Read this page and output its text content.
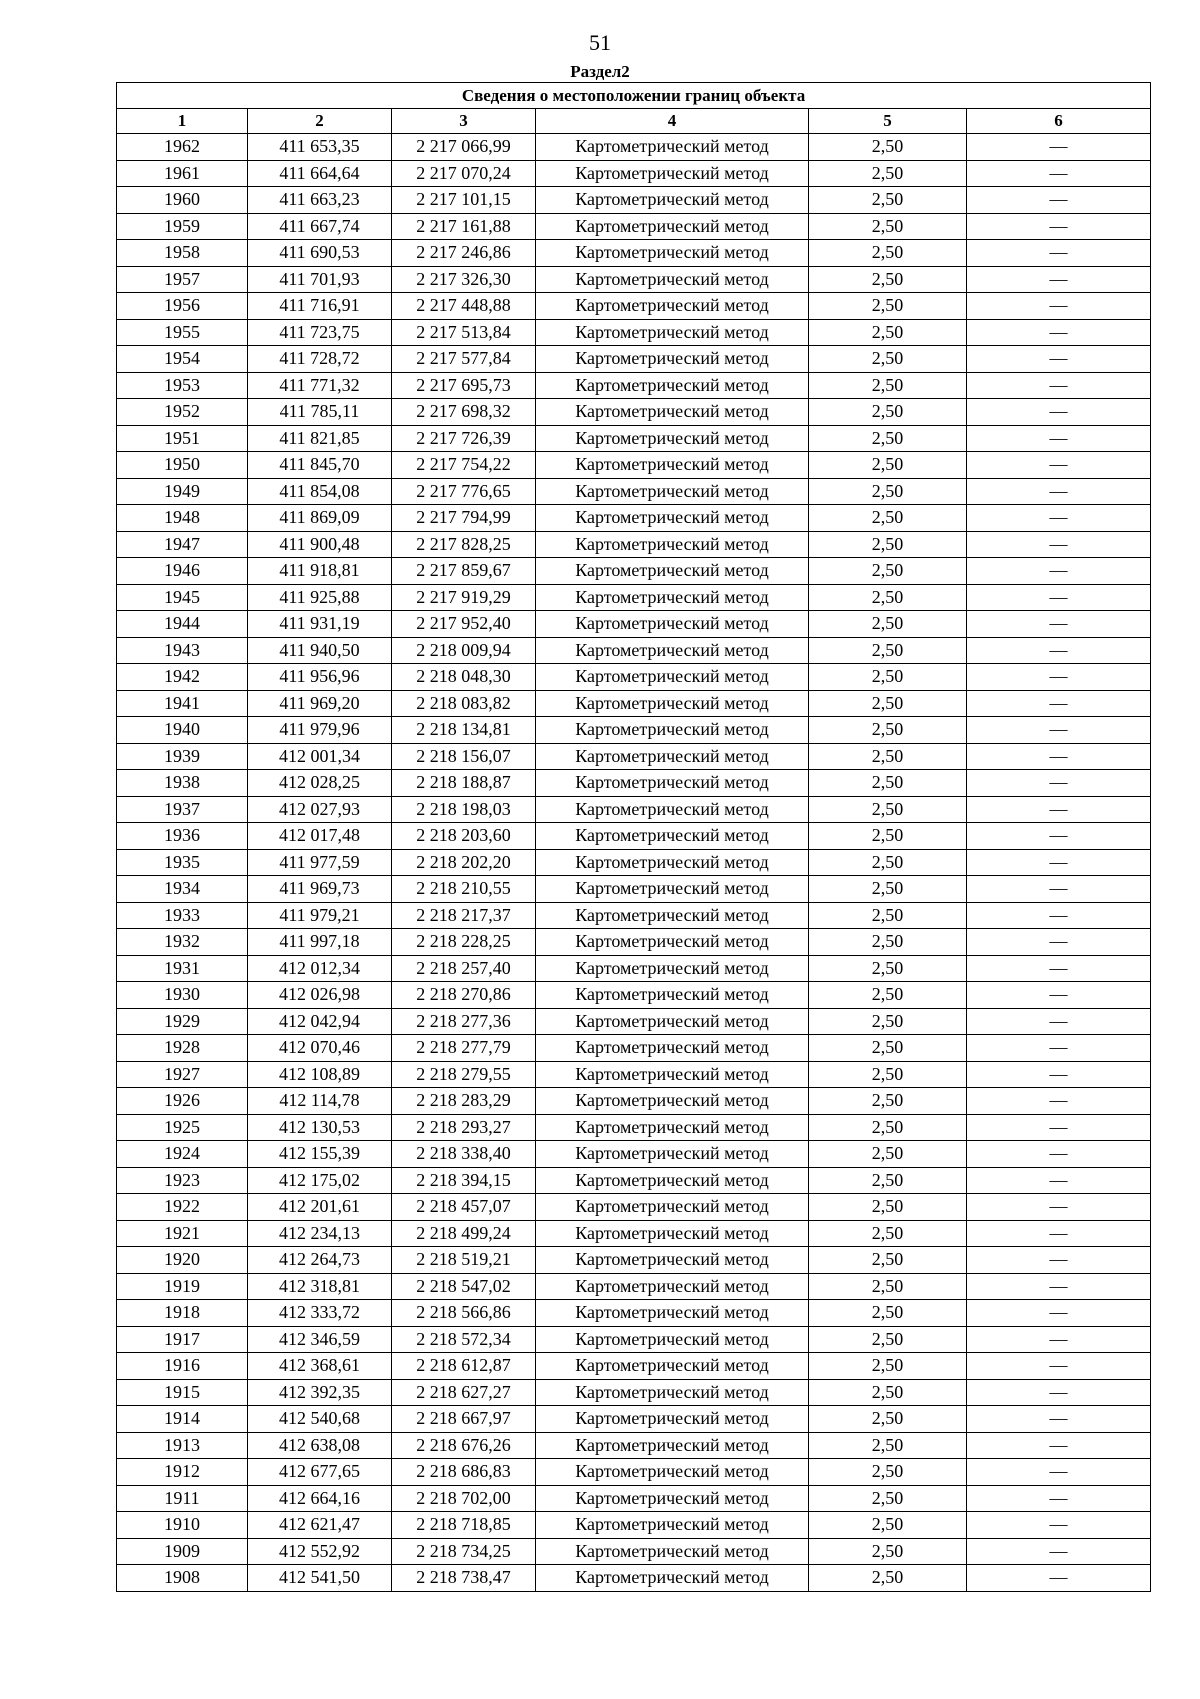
51
Раздел2
Сведения о местоположении границ объекта					
1	2	3	4	5	6
1962	411 653,35	2 217 066,99	Картометрический метод	2,50	—
1961	411 664,64	2 217 070,24	Картометрический метод	2,50	—
1960	411 663,23	2 217 101,15	Картометрический метод	2,50	—
1959	411 667,74	2 217 161,88	Картометрический метод	2,50	—
1958	411 690,53	2 217 246,86	Картометрический метод	2,50	—
1957	411 701,93	2 217 326,30	Картометрический метод	2,50	—
1956	411 716,91	2 217 448,88	Картометрический метод	2,50	—
1955	411 723,75	2 217 513,84	Картометрический метод	2,50	—
1954	411 728,72	2 217 577,84	Картометрический метод	2,50	—
1953	411 771,32	2 217 695,73	Картометрический метод	2,50	—
1952	411 785,11	2 217 698,32	Картометрический метод	2,50	—
1951	411 821,85	2 217 726,39	Картометрический метод	2,50	—
1950	411 845,70	2 217 754,22	Картометрический метод	2,50	—
1949	411 854,08	2 217 776,65	Картометрический метод	2,50	—
1948	411 869,09	2 217 794,99	Картометрический метод	2,50	—
1947	411 900,48	2 217 828,25	Картометрический метод	2,50	—
1946	411 918,81	2 217 859,67	Картометрический метод	2,50	—
1945	411 925,88	2 217 919,29	Картометрический метод	2,50	—
1944	411 931,19	2 217 952,40	Картометрический метод	2,50	—
1943	411 940,50	2 218 009,94	Картометрический метод	2,50	—
1942	411 956,96	2 218 048,30	Картометрический метод	2,50	—
1941	411 969,20	2 218 083,82	Картометрический метод	2,50	—
1940	411 979,96	2 218 134,81	Картометрический метод	2,50	—
1939	412 001,34	2 218 156,07	Картометрический метод	2,50	—
1938	412 028,25	2 218 188,87	Картометрический метод	2,50	—
1937	412 027,93	2 218 198,03	Картометрический метод	2,50	—
1936	412 017,48	2 218 203,60	Картометрический метод	2,50	—
1935	411 977,59	2 218 202,20	Картометрический метод	2,50	—
1934	411 969,73	2 218 210,55	Картометрический метод	2,50	—
1933	411 979,21	2 218 217,37	Картометрический метод	2,50	—
1932	411 997,18	2 218 228,25	Картометрический метод	2,50	—
1931	412 012,34	2 218 257,40	Картометрический метод	2,50	—
1930	412 026,98	2 218 270,86	Картометрический метод	2,50	—
1929	412 042,94	2 218 277,36	Картометрический метод	2,50	—
1928	412 070,46	2 218 277,79	Картометрический метод	2,50	—
1927	412 108,89	2 218 279,55	Картометрический метод	2,50	—
1926	412 114,78	2 218 283,29	Картометрический метод	2,50	—
1925	412 130,53	2 218 293,27	Картометрический метод	2,50	—
1924	412 155,39	2 218 338,40	Картометрический метод	2,50	—
1923	412 175,02	2 218 394,15	Картометрический метод	2,50	—
1922	412 201,61	2 218 457,07	Картометрический метод	2,50	—
1921	412 234,13	2 218 499,24	Картометрический метод	2,50	—
1920	412 264,73	2 218 519,21	Картометрический метод	2,50	—
1919	412 318,81	2 218 547,02	Картометрический метод	2,50	—
1918	412 333,72	2 218 566,86	Картометрический метод	2,50	—
1917	412 346,59	2 218 572,34	Картометрический метод	2,50	—
1916	412 368,61	2 218 612,87	Картометрический метод	2,50	—
1915	412 392,35	2 218 627,27	Картометрический метод	2,50	—
1914	412 540,68	2 218 667,97	Картометрический метод	2,50	—
1913	412 638,08	2 218 676,26	Картометрический метод	2,50	—
1912	412 677,65	2 218 686,83	Картометрический метод	2,50	—
1911	412 664,16	2 218 702,00	Картометрический метод	2,50	—
1910	412 621,47	2 218 718,85	Картометрический метод	2,50	—
1909	412 552,92	2 218 734,25	Картометрический метод	2,50	—
1908	412 541,50	2 218 738,47	Картометрический метод	2,50	—
